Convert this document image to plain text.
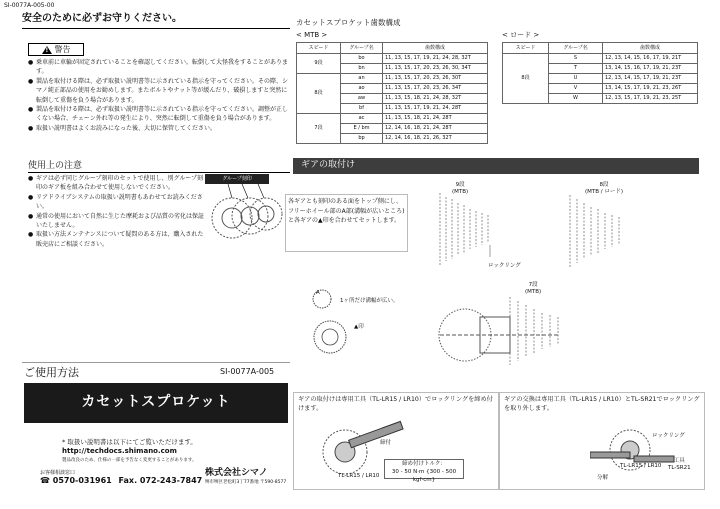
SI-0077A-005-00
安全のために必ずお守りください。
! 警告
● 乗車前に車輪が固定されていることを確認してください。転倒して大怪我をすることがあります。
● 製品を取付ける際は、必ず取扱い説明書等に示されている指示を守ってください。その際、シマノ純正部品の使用をお勧めします。またボルトやナット等が緩んだり、破損しますと突然に転倒して重傷を負う場合があります。
● 製品を取付ける際は、必ず取扱い説明書等に示されている指示を守ってください。調整が正しくない場合、チェーン外れ等の発生により、突然に転倒して重傷を負う場合があります。
● 取扱い説明書はよくお読みになった後、大切に保管してください。
使用上の注意
● ギアは必ず同じグループ刻印のセットで使用し、別グループ刻印のギア板を組み合わせて使用しないでください。
● リアドライブシステムの取扱い説明書もあわせてお読みください。
● 通常の使用において自然に生じた摩耗および品質の劣化は保証いたしません。
● 取扱い方法メンテナンスについて疑問のある方は、購入された販売店にご相談ください。
グループ刻印
ご使用方法	SI-0077A-005
カセットスプロケット
* 取扱い説明書は以下にてご覧いただけます。
http://techdocs.shimano.com
製品改良のため、仕様の一部を予告なく変更することがあります。
お客様相談窓口
☎ 0570-031961 Fax. 072-243-7847
株式会社シマノ
堺市堺区老松町3丁77番地 〒590-8577
カセットスプロケット歯数構成
< MTB >	< ロード >
スピード	グループ名	歯数構成
9段	bo	11, 13, 15, 17, 19, 21, 24, 28, 32T
	bn	11, 13, 15, 17, 20, 23, 26, 30, 34T
8段	an	11, 13, 15, 17, 20, 23, 26, 30T
	ao	11, 13, 15, 17, 20, 23, 26, 34T
	aw	11, 13, 15, 18, 21, 24, 28, 32T
	bf	11, 13, 15, 17, 19, 21, 24, 28T
7段	ac	11, 13, 15, 18, 21, 24, 28T
	E / bm	12, 14, 16, 18, 21, 24, 28T
	bp	12, 14, 16, 18, 21, 26, 32T
スピード	グループ名	歯数構成
8段	S	12, 13, 14, 15, 16, 17, 19, 21T
	T	13, 14, 15, 16, 17, 19, 21, 23T
	U	12, 13, 14, 15, 17, 19, 21, 23T
	V	13, 14, 15, 17, 19, 21, 23, 26T
	W	12, 13, 15, 17, 19, 21, 23, 25T
ギアの取付け
各ギアとも刻印のある面をトップ側にし、フリーホイール部のA部(溝幅が広いところ)と各ギアの▲印を合わせてセットします。
9段
(MTB)
8段
(MTB / ロード)
7段
(MTB)
ロックリング
A
1ヶ所だけ溝幅が広い。
▲印
ギアの取付けは専用工具（TL-LR15 / LR10）でロックリングを締め付けます。
締付
TL-LR15 / LR10
締め付けトルク：
30 - 50 N·m {300 - 500 kgf·cm}
ギアの交換は専用工具（TL-LR15 / LR10）とTL-SR21でロックリングを取り外します。
ロックリング
TL-LR15 / LR10
工具
TL-SR21
分解
